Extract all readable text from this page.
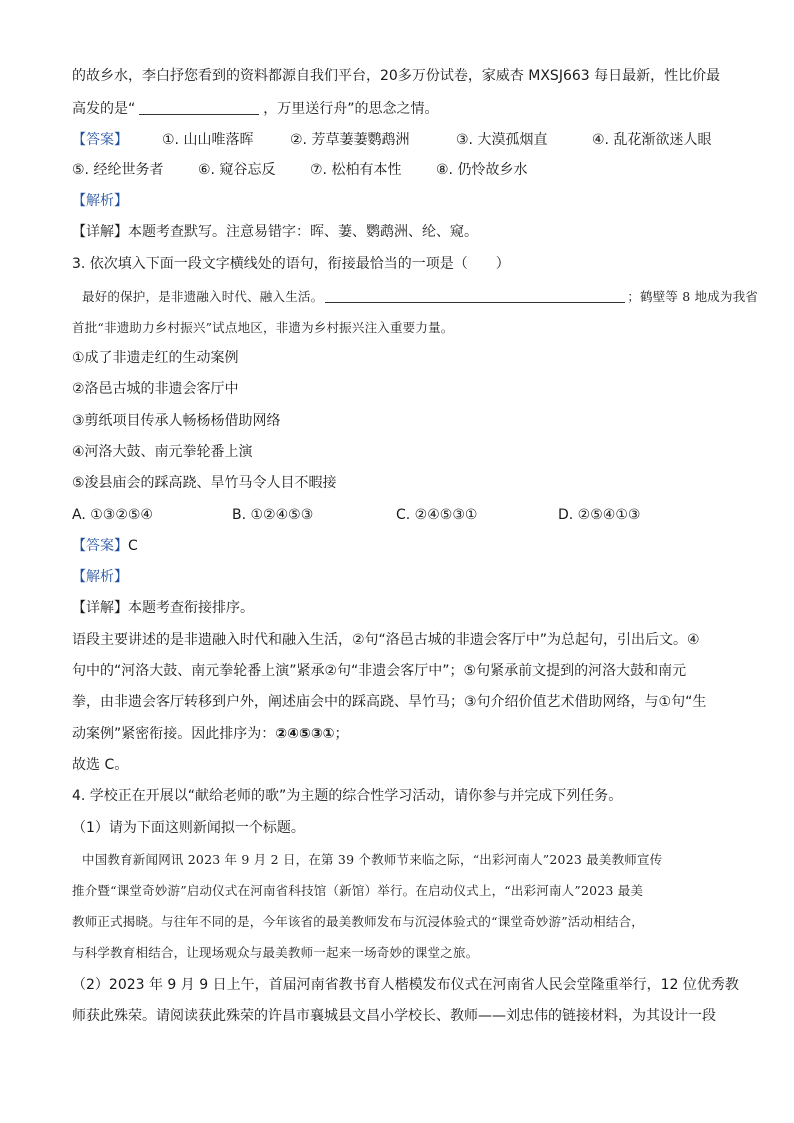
的故乡水，李白抒您看到的资料都源自我们平台，20多万份试卷，家威杏 MXSJ663 每日最新，性比价最
高发的是“	，万里送行舟”的思念之情。
【答案】 ①. 山山唯落晖	②. 芳草萋萋鹦鹉洲	③. 大漠孤烟直	④. 乱花渐欲迷人眼
⑤. 经纶世务者 ⑥. 窥谷忘反 ⑦. 松柏有本性 ⑧. 仍怜故乡水
【解析】
【详解】本题考查默写。注意易错字：晖、萋、鹦鹉洲、纶、窥。
3. 依次填入下面一段文字横线处的语句，衔接最恰当的一项是（　　）
最好的保护，是非遗融入时代、融入生活。	；鹤壁等 8 地成为我省
首批“非遗助力乡村振兴”试点地区，非遗为乡村振兴注入重要力量。
①成了非遗走红的生动案例
②洛邑古城的非遗会客厅中
③剪纸项目传承人畅杨杨借助网络
④河洛大鼓、南元拳轮番上演
⑤浚县庙会的踩高跷、旱竹马令人目不暇接
A. ①③②⑤④	B. ①②④⑤③	C. ②④⑤③①	D. ②⑤④①③
【答案】C
【解析】
【详解】本题考查衔接排序。
语段主要讲述的是非遗融入时代和融入生活，②句“洛邑古城的非遗会客厅中”为总起句，引出后文。④
句中的“河洛大鼓、南元拳轮番上演”紧承②句“非遗会客厅中”；⑤句紧承前文提到的河洛大鼓和南元
拳，由非遗会客厅转移到户外，阐述庙会中的踩高跷、旱竹马；③句介绍价值艺术借助网络，与①句“生
动案例”紧密衔接。因此排序为：②④⑤③①；
故选 C。
4. 学校正在开展以“献给老师的歌”为主题的综合性学习活动，请你参与并完成下列任务。
（1）请为下面这则新闻拟一个标题。
中国教育新闻网讯 2023 年 9 月 2 日，在第 39 个教师节来临之际，“出彩河南人”2023 最美教师宣传
推介暨“课堂奇妙游”启动仪式在河南省科技馆（新馆）举行。在启动仪式上，“出彩河南人”2023 最美
教师正式揭晓。与往年不同的是，今年该省的最美教师发布与沉浸体验式的“课堂奇妙游”活动相结合，
与科学教育相结合，让现场观众与最美教师一起来一场奇妙的课堂之旅。
（2）2023 年 9 月 9 日上午，首届河南省教书育人楷模发布仪式在河南省人民会堂隆重举行，12 位优秀教
师获此殊荣。请阅读获此殊荣的许昌市襄城县文昌小学校长、教师——刘忠伟的链接材料，为其设计一段
